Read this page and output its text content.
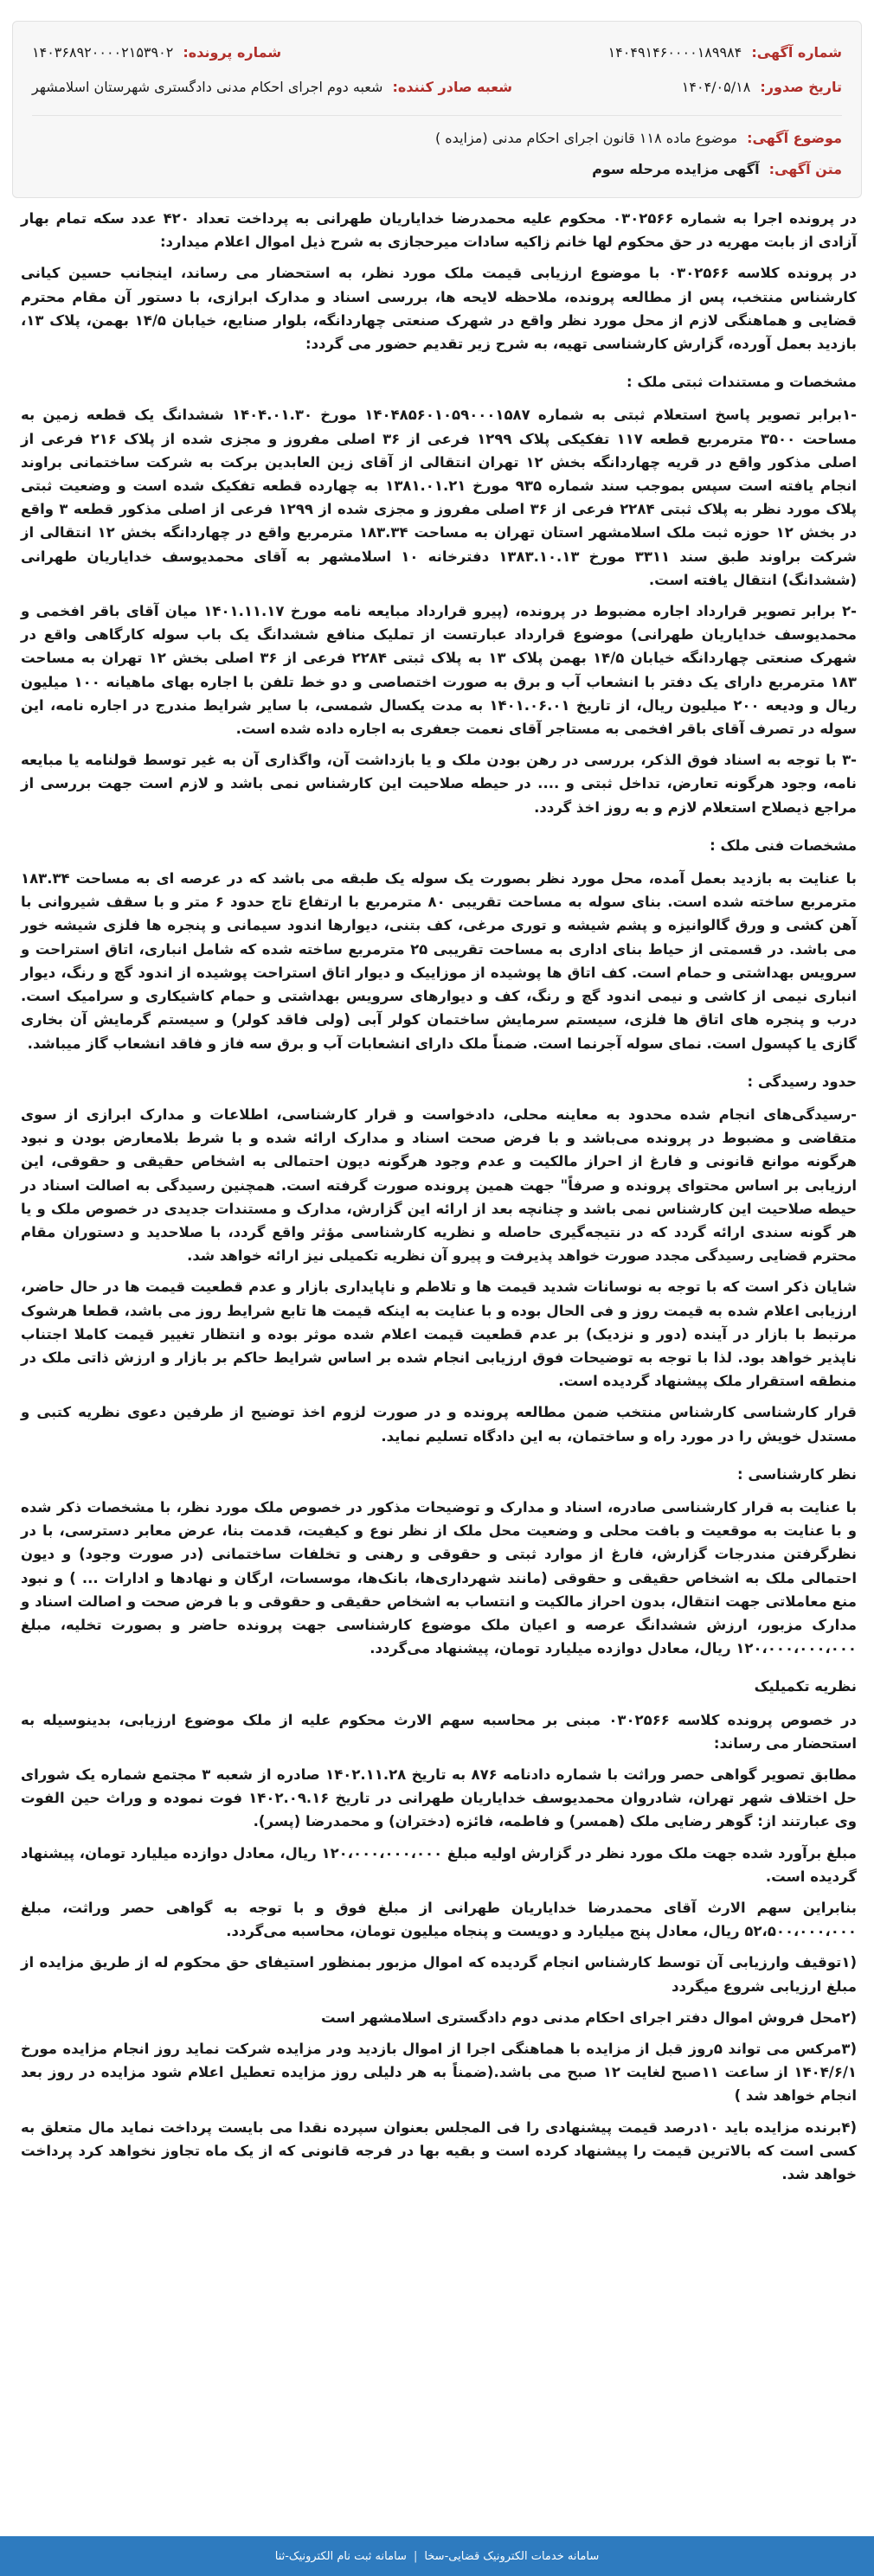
شماره آگهی: ۱۴۰۴۹۱۴۶۰۰۰۰۱۸۹۹۸۴
شماره پرونده: ۱۴۰۳۶۸۹۲۰۰۰۰۲۱۵۳۹۰۲
تاریخ صدور: ۱۴۰۴/۰۵/۱۸
شعبه صادر کننده: شعبه دوم اجرای احکام مدنی دادگستری شهرستان اسلامشهر
موضوع آگهی: موضوع ماده ۱۱۸ قانون اجرای احکام مدنی (مزایده )
متن آگهی: آگهی مزایده مرحله سوم

در پرونده اجرا به شماره ۰۳۰۲۵۶۶ محکوم علیه محمدرضا خدایاریان طهرانی به پرداخت تعداد ۴۲۰ عدد سکه تمام بهار آزادی از بابت مهریه در حق محکوم لها خانم زاکیه سادات میرحجازی به شرح ذیل اموال اعلام میدارد:

در پرونده کلاسه ۰۳۰۲۵۶۶ با موضوع ارزیابی قیمت ملک مورد نظر، به استحضار می رساند، اینجانب حسین کیانی کارشناس منتخب، پس از مطالعه پرونده، ملاحظه لایحه ها، بررسی اسناد و مدارک ابرازی، با دستور آن مقام محترم قضایی و هماهنگی لازم از محل مورد نظر واقع در شهرک صنعتی چهاردانگه، بلوار صنایع، خیابان ۱۴/۵ بهمن، پلاک ۱۳، بازدید بعمل آورده، گزارش کارشناسی تهیه، به شرح زیر تقدیم حضور می گردد:

مشخصات و مستندات ثبتی ملک :

-۱برابر تصویر پاسخ استعلام ثبتی به شماره ۱۴۰۴۸۵۶۰۱۰۵۹۰۰۰۱۵۸۷ مورخ ۱۴۰۴.۰۱.۳۰ ششدانگ یک قطعه زمین به مساحت ۳۵۰۰ مترمربع قطعه ۱۱۷ تفکیکی پلاک ۱۲۹۹ فرعی از ۳۶ اصلی مفروز و مجزی شده از پلاک ۲۱۶ فرعی از اصلی مذکور واقع در قریه چهاردانگه بخش ۱۲ تهران انتقالی از آقای زین العابدین برکت به شرکت ساختمانی براوند انجام یافته است سپس بموجب سند شماره ۹۳۵ مورخ ۱۳۸۱.۰۱.۲۱ به چهارده قطعه تفکیک شده است و وضعیت ثبتی پلاک مورد نظر به پلاک ثبتی ۲۲۸۴ فرعی از ۳۶ اصلی مفروز و مجزی شده از ۱۲۹۹ فرعی از اصلی مذکور قطعه ۳ واقع در بخش ۱۲ حوزه ثبت ملک اسلامشهر استان تهران به مساحت ۱۸۳.۳۴ مترمربع واقع در چهاردانگه بخش ۱۲ انتقالی از شرکت براوند طبق سند ۳۳۱۱ مورخ ۱۳۸۳.۱۰.۱۳ دفترخانه ۱۰ اسلامشهر به آقای محمدیوسف خدایاریان طهرانی (ششدانگ) انتقال یافته است.

-۲ برابر تصویر قرارداد اجاره مضبوط در پرونده، (پیرو قرارداد مبایعه نامه مورخ ۱۴۰۱.۱۱.۱۷ میان آقای باقر افخمی و محمدیوسف خدایاریان طهرانی) موضوع قرارداد عبارتست از تملیک منافع ششدانگ یک باب سوله کارگاهی واقع در شهرک صنعتی چهاردانگه خیابان ۱۴/۵ بهمن پلاک ۱۳ به پلاک ثبتی ۲۲۸۴ فرعی از ۳۶ اصلی بخش ۱۲ تهران به مساحت ۱۸۳ مترمربع دارای یک دفتر با انشعاب آب و برق به صورت اختصاصی و دو خط تلفن با اجاره بهای ماهیانه ۱۰۰ میلیون ریال و ودیعه ۲۰۰ میلیون ریال، از تاریخ ۱۴۰۱.۰۶.۰۱ به مدت یکسال شمسی، با سایر شرایط مندرج در اجاره نامه، این سوله در تصرف آقای باقر افخمی به مستاجر آقای نعمت جعفری به اجاره داده شده است.

-۳ با توجه به اسناد فوق الذکر، بررسی در رهن بودن ملک و یا بازداشت آن، واگذاری آن به غیر توسط قولنامه یا مبایعه نامه، وجود هرگونه تعارض، تداخل ثبتی و .... در حیطه صلاحیت این کارشناس نمی باشد و لازم است جهت بررسی از مراجع ذیصلاح استعلام لازم و به روز اخذ گردد.

مشخصات فنی ملک :

با عنایت به بازدید بعمل آمده، محل مورد نظر بصورت یک سوله یک طبقه می باشد که در عرصه ای به مساحت ۱۸۳.۳۴ مترمربع ساخته شده است. بنای سوله به مساحت تقریبی ۸۰ مترمربع با ارتفاع تاج حدود ۶ متر و با سقف شیروانی با آهن کشی و ورق گالوانیزه و پشم شیشه و توری مرغی، کف بتنی، دیوارها اندود سیمانی و پنجره ها فلزی شیشه خور می باشد. در قسمتی از حیاط بنای اداری به مساحت تقریبی ۲۵ مترمربع ساخته شده که شامل انباری، اتاق استراحت و سرویس بهداشتی و حمام است. کف اتاق ها پوشیده از موزاییک و دیوار اتاق استراحت پوشیده از اندود گچ و رنگ، دیوار انباری نیمی از کاشی و نیمی اندود گچ و رنگ، کف و دیوارهای سرویس بهداشتی و حمام کاشیکاری و سرامیک است. درب و پنجره های اتاق ها فلزی، سیستم سرمایش ساختمان کولر آبی (ولی فاقد کولر) و سیستم گرمایش آن بخاری گازی یا کپسول است. نمای سوله آجرنما است. ضمناً ملک دارای انشعابات آب و برق سه فاز و فاقد انشعاب گاز میباشد.

حدود رسیدگی :

-رسیدگی‌های انجام شده محدود به معاینه محلی، دادخواست و قرار کارشناسی، اطلاعات و مدارک ابرازی از سوی متقاضی و مضبوط در پرونده می‌باشد و با فرض صحت اسناد و مدارک ارائه شده و با شرط بلامعارض بودن و نبود هرگونه موانع قانونی و فارغ از احراز مالکیت و عدم وجود هرگونه دیون احتمالی به اشخاص حقیقی و حقوقی، این ارزیابی بر اساس محتوای پرونده و صرفاً" جهت همین پرونده صورت گرفته است. همچنین رسیدگی به اصالت اسناد در حیطه صلاحیت این کارشناس نمی باشد و چنانچه بعد از ارائه این گزارش، مدارک و مستندات جدیدی در خصوص ملک و یا هر گونه سندی ارائه گردد که در نتیجه‌گیری حاصله و نظریه کارشناسی مؤثر واقع گردد، با صلاحدید و دستوران مقام محترم قضایی رسیدگی مجدد صورت خواهد پذیرفت و پیرو آن نظریه تکمیلی نیز ارائه خواهد شد.

شایان ذکر است که با توجه به نوسانات شدید قیمت ها و تلاطم و ناپایداری بازار و عدم قطعیت قیمت ها در حال حاضر، ارزیابی اعلام شده به قیمت روز و فی الحال بوده و با عنایت به اینکه قیمت ها تابع شرایط روز می باشد، قطعا هرشوک مرتبط با بازار در آینده (دور و نزدیک) بر عدم قطعیت قیمت اعلام شده موثر بوده و انتظار تغییر قیمت کاملا اجتناب ناپذیر خواهد بود. لذا با توجه به توضیحات فوق ارزیابی انجام شده بر اساس شرایط حاکم بر بازار و ارزش ذاتی ملک در منطقه استقرار ملک پیشنهاد گردیده است.

قرار کارشناسی کارشناس منتخب ضمن مطالعه پرونده و در صورت لزوم اخذ توضیح از طرفین دعوی نظریه کتبی و مستدل خویش را در مورد راه و ساختمان، به این دادگاه تسلیم نماید.

نظر کارشناسی :

با عنایت به قرار کارشناسی صادره، اسناد و مدارک و توضیحات مذکور در خصوص ملک مورد نظر، با مشخصات ذکر شده و با عنایت به موقعیت و بافت محلی و وضعیت محل ملک از نظر نوع و کیفیت، قدمت بنا، عرض معابر دسترسی، با در نظرگرفتن مندرجات گزارش، فارغ از موارد ثبتی و حقوقی و رهنی و تخلفات ساختمانی (در صورت وجود) و دیون احتمالی ملک به اشخاص حقیقی و حقوقی (مانند شهرداری‌ها، بانک‌ها، موسسات، ارگان و نهادها و ادارات ... ) و نبود منع معاملاتی جهت انتقال، بدون احراز مالکیت و انتساب به اشخاص حقیقی و حقوقی و با فرض صحت و اصالت اسناد و مدارک مزبور، ارزش ششدانگ عرصه و اعیان ملک موضوع کارشناسی جهت پرونده حاضر و بصورت تخلیه، مبلغ ۱۲۰،۰۰۰،۰۰۰،۰۰۰ ریال، معادل دوازده میلیارد تومان، پیشنهاد می‌گردد.

نظریه تکمیلیک

در خصوص پرونده کلاسه ۰۳۰۲۵۶۶ مبنی بر محاسبه سهم الارث محکوم علیه از ملک موضوع ارزیابی، بدینوسیله به استحضار می رساند:

مطابق تصویر گواهی حصر وراثت با شماره دادنامه ۸۷۶ به تاریخ ۱۴۰۲.۱۱.۲۸ صادره از شعبه ۳ مجتمع شماره یک شورای حل اختلاف شهر تهران، شادروان محمدیوسف خدایاریان طهرانی در تاریخ ۱۴۰۲.۰۹.۱۶ فوت نموده و وراث حین الفوت وی عبارتند از: گوهر رضایی ملک (همسر) و فاطمه، فائزه (دختران) و محمدرضا (پسر).

مبلغ برآورد شده جهت ملک مورد نظر در گزارش اولیه مبلغ ۱۲۰،۰۰۰،۰۰۰،۰۰۰ ریال، معادل دوازده میلیارد تومان، پیشنهاد گردیده است.

بنابراین سهم الارث آقای محمدرضا خدایاریان طهرانی از مبلغ فوق و با توجه به گواهی حصر وراثت، مبلغ ۵۲،۵۰۰،۰۰۰،۰۰۰ ریال، معادل پنج میلیارد و دویست و پنجاه میلیون تومان، محاسبه می‌گردد.

(۱توقیف وارزیابی آن توسط کارشناس انجام گردیده که اموال مزبور بمنظور استیفای حق محکوم له از طریق مزایده از مبلغ ارزیابی شروع میگردد

(۲محل فروش اموال دفتر اجرای احکام مدنی دوم دادگستری اسلامشهر است

(۳مرکس می تواند ۵روز قبل از مزایده با هماهنگی اجرا از اموال بازدید ودر مزایده شرکت نماید روز انجام مزایده مورخ ۱۴۰۴/۶/۱ از ساعت ۱۱صبح لغایت ۱۲ صبح می باشد.(ضمناً به هر دلیلی روز مزایده تعطیل اعلام شود مزایده در روز بعد انجام خواهد شد )

(۴برنده مزایده باید ۱۰درصد قیمت پیشنهادی را فی المجلس بعنوان سپرده نقدا می بایست پرداخت نماید مال متعلق به کسی است که بالاترین قیمت را پیشنهاد کرده است و بقیه بها در فرجه قانونی که از یک ماه تجاوز نخواهد کرد پرداخت خواهد شد.

سامانه خدمات الکترونیک قضایی-سخا
|
سامانه ثبت نام الکترونیک-ثنا
